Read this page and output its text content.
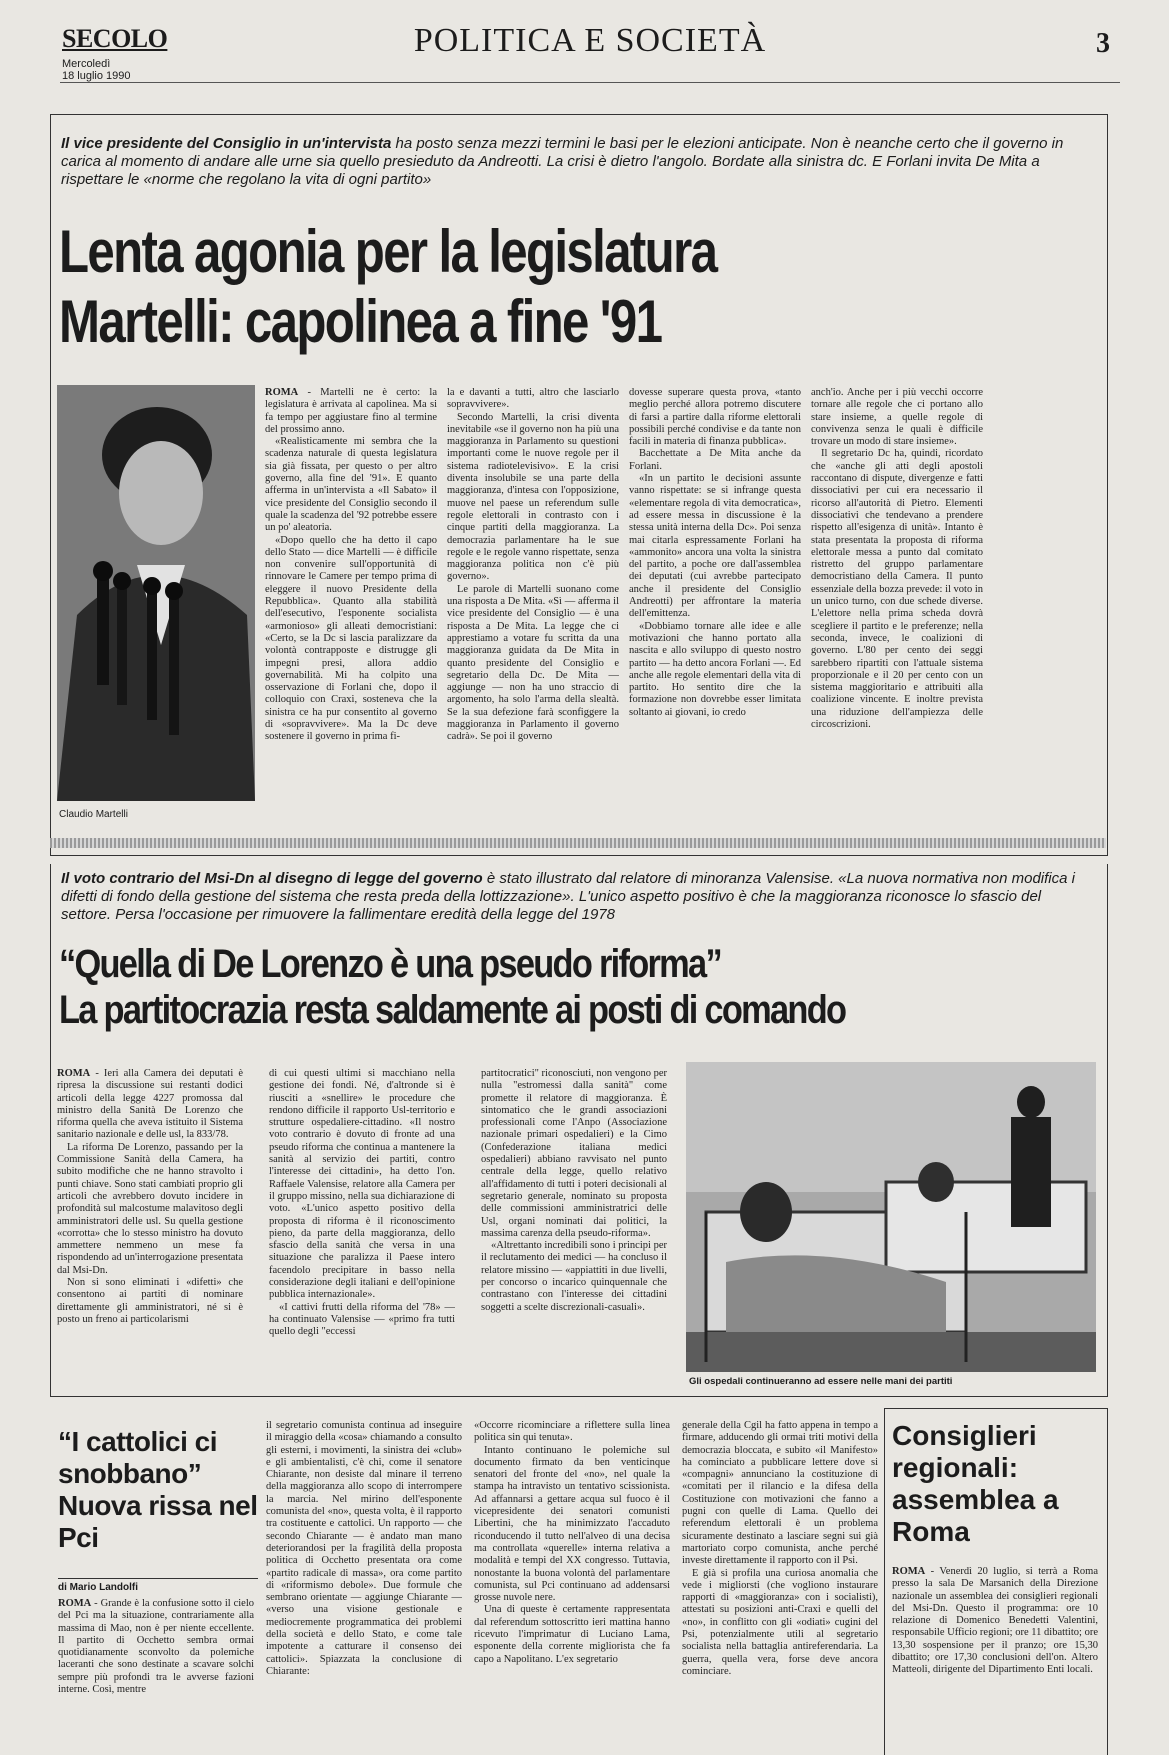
SECOLO
Mercoledì
18 luglio 1990
POLITICA E SOCIETÀ	3
Il vice presidente del Consiglio in un'intervista ha posto senza mezzi termini le basi per le elezioni anticipate. Non è neanche certo che il governo in carica al momento di andare alle urne sia quello presieduto da Andreotti. La crisi è dietro l'angolo. Bordate alla sinistra dc. E Forlani invita De Mita a rispettare le «norme che regolano la vita di ogni partito»
Lenta agonia per la legislatura
Martelli: capolinea a fine '91
Claudio Martelli

ROMA - Martelli ne è certo: la legislatura è arrivata al capolinea. Ma si fa tempo per aggiustare fino al termine del prossimo anno.

«Realisticamente mi sembra che la scadenza naturale di questa legislatura sia già fissata, per questo o per altro governo, alla fine del '91». E quanto afferma in un'intervista a «Il Sabato» il vice presidente del Consiglio secondo il quale la scadenza del '92 potrebbe essere un po' aleatoria.

«Dopo quello che ha detto il capo dello Stato — dice Martelli — è difficile non convenire sull'opportunità di rinnovare le Camere per tempo prima di eleggere il nuovo Presidente della Repubblica». Quanto alla stabilità dell'esecutivo, l'esponente socialista «armonioso» gli alleati democristiani: «Certo, se la Dc si lascia paralizzare da volontà contrapposte e distrugge gli impegni presi, allora addio governabilità. Mi ha colpito una osservazione di Forlani che, dopo il colloquio con Craxi, sosteneva che la sinistra ce ha pur consentito al governo di «sopravvivere». Ma la Dc deve sostenere il governo in prima fi-

la e davanti a tutti, altro che lasciarlo sopravvivere».

Secondo Martelli, la crisi diventa inevitabile «se il governo non ha più una maggioranza in Parlamento su questioni importanti come le nuove regole per il sistema radiotelevisivo». E la crisi diventa insolubile se una parte della maggioranza, d'intesa con l'opposizione, muove nel paese un referendum sulle regole elettorali in contrasto con i cinque partiti della maggioranza. La democrazia parlamentare ha le sue regole e le regole vanno rispettate, senza maggioranza politica non c'è più governo».

Le parole di Martelli suonano come una risposta a De Mita. «Sì — afferma il vice presidente del Consiglio — è una risposta a De Mita. La legge che ci apprestiamo a votare fu scritta da una maggioranza guidata da De Mita in quanto presidente del Consiglio e segretario della Dc. De Mita — aggiunge — non ha uno straccio di argomento, ha solo l'arma della slealtà. Se la sua defezione farà sconfiggere la maggioranza in Parlamento il governo cadrà». Se poi il governo

dovesse superare questa prova, «tanto meglio perché allora potremo discutere di farsi a partire dalla riforme elettorali possibili perché condivise e da tante non facili in materia di finanza pubblica».

Bacchettate a De Mita anche da Forlani.

«In un partito le decisioni assunte vanno rispettate: se si infrange questa «elementare regola di vita democratica», ad essere messa in discussione è la stessa unità interna della Dc». Poi senza mai citarla espressamente Forlani ha «ammonito» ancora una volta la sinistra del partito, a poche ore dall'assemblea dei deputati (cui avrebbe partecipato anche il presidente del Consiglio Andreotti) per affrontare la materia dell'emittenza.

«Dobbiamo tornare alle idee e alle motivazioni che hanno portato alla nascita e allo sviluppo di questo nostro partito — ha detto ancora Forlani —. Ed anche alle regole elementari della vita di partito. Ho sentito dire che la formazione non dovrebbe esser limitata soltanto ai giovani, io credo

anch'io. Anche per i più vecchi occorre tornare alle regole che ci portano allo stare insieme, a quelle regole di convivenza senza le quali è difficile trovare un modo di stare insieme».

Il segretario Dc ha, quindi, ricordato che «anche gli atti degli apostoli raccontano di dispute, divergenze e fatti dissociativi per cui era necessario il ricorso all'autorità di Pietro. Elementi dissociativi che tendevano a prendere rispetto all'esigenza di unità». Intanto è stata presentata la proposta di riforma elettorale messa a punto dal comitato ristretto del gruppo parlamentare democristiano della Camera. Il punto essenziale della bozza prevede: il voto in un unico turno, con due schede diverse. L'elettore nella prima scheda dovrà scegliere il partito e le preferenze; nella seconda, invece, le coalizioni di governo. L'80 per cento dei seggi sarebbero ripartiti con l'attuale sistema proporzionale e il 20 per cento con un sistema maggioritario e attribuiti alla coalizione vincente. E inoltre prevista una riduzione dell'ampiezza delle circoscrizioni.

Il voto contrario del Msi-Dn al disegno di legge del governo è stato illustrato dal relatore di minoranza Valensise. «La nuova normativa non modifica i difetti di fondo della gestione del sistema che resta preda della lottizzazione». L'unico aspetto positivo è che la maggioranza riconosce lo sfascio del settore. Persa l'occasione per rimuovere la fallimentare eredità della legge del 1978
“Quella di De Lorenzo è una pseudo riforma”
La partitocrazia resta saldamente ai posti di comando

ROMA - Ieri alla Camera dei deputati è ripresa la discussione sui restanti dodici articoli della legge 4227 promossa dal ministro della Sanità De Lorenzo che riforma quella che aveva istituito il Sistema sanitario nazionale e delle usl, la 833/78.

La riforma De Lorenzo, passando per la Commissione Sanità della Camera, ha subito modifiche che ne hanno stravolto i punti chiave. Sono stati cambiati proprio gli articoli che avrebbero dovuto incidere in profondità sul malcostume malavitoso degli amministratori delle usl. Su quella gestione «corrotta» che lo stesso ministro ha dovuto ammettere nemmeno un mese fa rispondendo ad un'interrogazione presentata dal Msi-Dn.

Non si sono eliminati i «difetti» che consentono ai partiti di nominare direttamente gli amministratori, né si è posto un freno ai particolarismi

di cui questi ultimi si macchiano nella gestione dei fondi. Né, d'altronde si è riusciti a «snellire» le procedure che rendono difficile il rapporto Usl-territorio e strutture ospedaliere-cittadino. «Il nostro voto contrario è dovuto di fronte ad una pseudo riforma che continua a mantenere la sanità al servizio dei partiti, contro l'interesse dei cittadini», ha detto l'on. Raffaele Valensise, relatore alla Camera per il gruppo missino, nella sua dichiarazione di voto. «L'unico aspetto positivo della proposta di riforma è il riconoscimento pieno, da parte della maggioranza, dello sfascio della sanità che versa in una situazione che paralizza il Paese intero facendolo precipitare in basso nella considerazione degli italiani e dell'opinione pubblica internazionale».

«I cattivi frutti della riforma del '78» — ha continuato Valensise — «primo fra tutti quello degli "eccessi

partitocratici" riconosciuti, non vengono per nulla "estromessi dalla sanità" come promette il relatore di maggioranza. È sintomatico che le grandi associazioni professionali come l'Anpo (Associazione nazionale primari ospedalieri) e la Cimo (Confederazione italiana medici ospedalieri) abbiano ravvisato nel punto centrale della legge, quello relativo all'affidamento di tutti i poteri decisionali al segretario generale, nominato su proposta delle commissioni amministratrici delle Usl, organi nominati dai politici, la massima carenza della pseudo-riforma».

«Altrettanto incredibili sono i principi per il reclutamento dei medici — ha concluso il relatore missino — «appiattiti in due livelli, per concorso o incarico quinquennale che contrastano con l'interesse dei cittadini soggetti a scelte discrezionali-casuali».

Gli ospedali continueranno ad essere nelle mani dei partiti
“I cattolici ci snobbano” Nuova rissa nel Pci
di Mario Landolfi

ROMA - Grande è la confusione sotto il cielo del Pci ma la situazione, contrariamente alla massima di Mao, non è per niente eccellente. Il partito di Occhetto sembra ormai quotidianamente sconvolto da polemiche laceranti che sono destinate a scavare solchi sempre più profondi tra le avverse fazioni interne. Così, mentre

il segretario comunista continua ad inseguire il miraggio della «cosa» chiamando a consulto gli esterni, i movimenti, la sinistra dei «club» e gli ambientalisti, c'è chi, come il senatore Chiarante, non desiste dal minare il terreno della maggioranza allo scopo di interrompere la marcia. Nel mirino dell'esponente comunista del «no», questa volta, è il rapporto tra costituente e cattolici. Un rapporto — che secondo Chiarante — è andato man mano deteriorandosi per la fragilità della proposta politica di Occhetto presentata ora come «partito radicale di massa», ora come partito di «riformismo debole». Due formule che sembrano orientate — aggiunge Chiarante — «verso una visione gestionale e mediocremente programmatica dei problemi della società e dello Stato, e come tale impotente a catturare il consenso dei cattolici». Spiazzata la conclusione di Chiarante:

«Occorre ricominciare a riflettere sulla linea politica sin qui tenuta».

Intanto continuano le polemiche sul documento firmato da ben venticinque senatori del fronte del «no», nel quale la stampa ha intravisto un tentativo scissionista. Ad affannarsi a gettare acqua sul fuoco è il vicepresidente dei senatori comunisti Libertini, che ha minimizzato l'accaduto riconducendo il tutto nell'alveo di una decisa ma controllata «querelle» interna relativa a modalità e tempi del XX congresso. Tuttavia, nonostante la buona volontà del parlamentare comunista, sul Pci continuano ad addensarsi grosse nuvole nere.

Una di queste è certamente rappresentata dal referendum sottoscritto ieri mattina hanno ricevuto l'imprimatur di Luciano Lama, esponente della corrente migliorista che fa capo a Napolitano. L'ex segretario

generale della Cgil ha fatto appena in tempo a firmare, adducendo gli ormai triti motivi della democrazia bloccata, e subito «il Manifesto» ha cominciato a pubblicare lettere dove si «compagni» annunciano la costituzione di «comitati per il rilancio e la difesa della Costituzione con motivazioni che fanno a pugni con quelle di Lama. Quello dei referendum elettorali è un problema sicuramente destinato a lasciare segni sui già martoriato corpo comunista, anche perché investe direttamente il rapporto con il Psi.

E già si profila una curiosa anomalia che vede i migliorsti (che vogliono instaurare rapporti di «maggioranza» con i socialisti), attestati su posizioni anti-Craxi e quelli del «no», in conflitto con gli «odiati» cugini del Psi, potenzialmente utili al segretario socialista nella battaglia antireferendaria. La guerra, quella vera, forse deve ancora cominciare.

Consiglieri regionali: assemblea a Roma

ROMA - Venerdì 20 luglio, si terrà a Roma presso la sala De Marsanich della Direzione nazionale un assemblea dei consiglieri regionali del Msi-Dn. Questo il programma: ore 10 relazione di Domenico Benedetti Valentini, responsabile Ufficio regioni; ore 11 dibattito; ore 13,30 sospensione per il pranzo; ore 15,30 dibattito; ore 17,30 conclusioni dell'on. Altero Matteoli, dirigente del Dipartimento Enti locali.
